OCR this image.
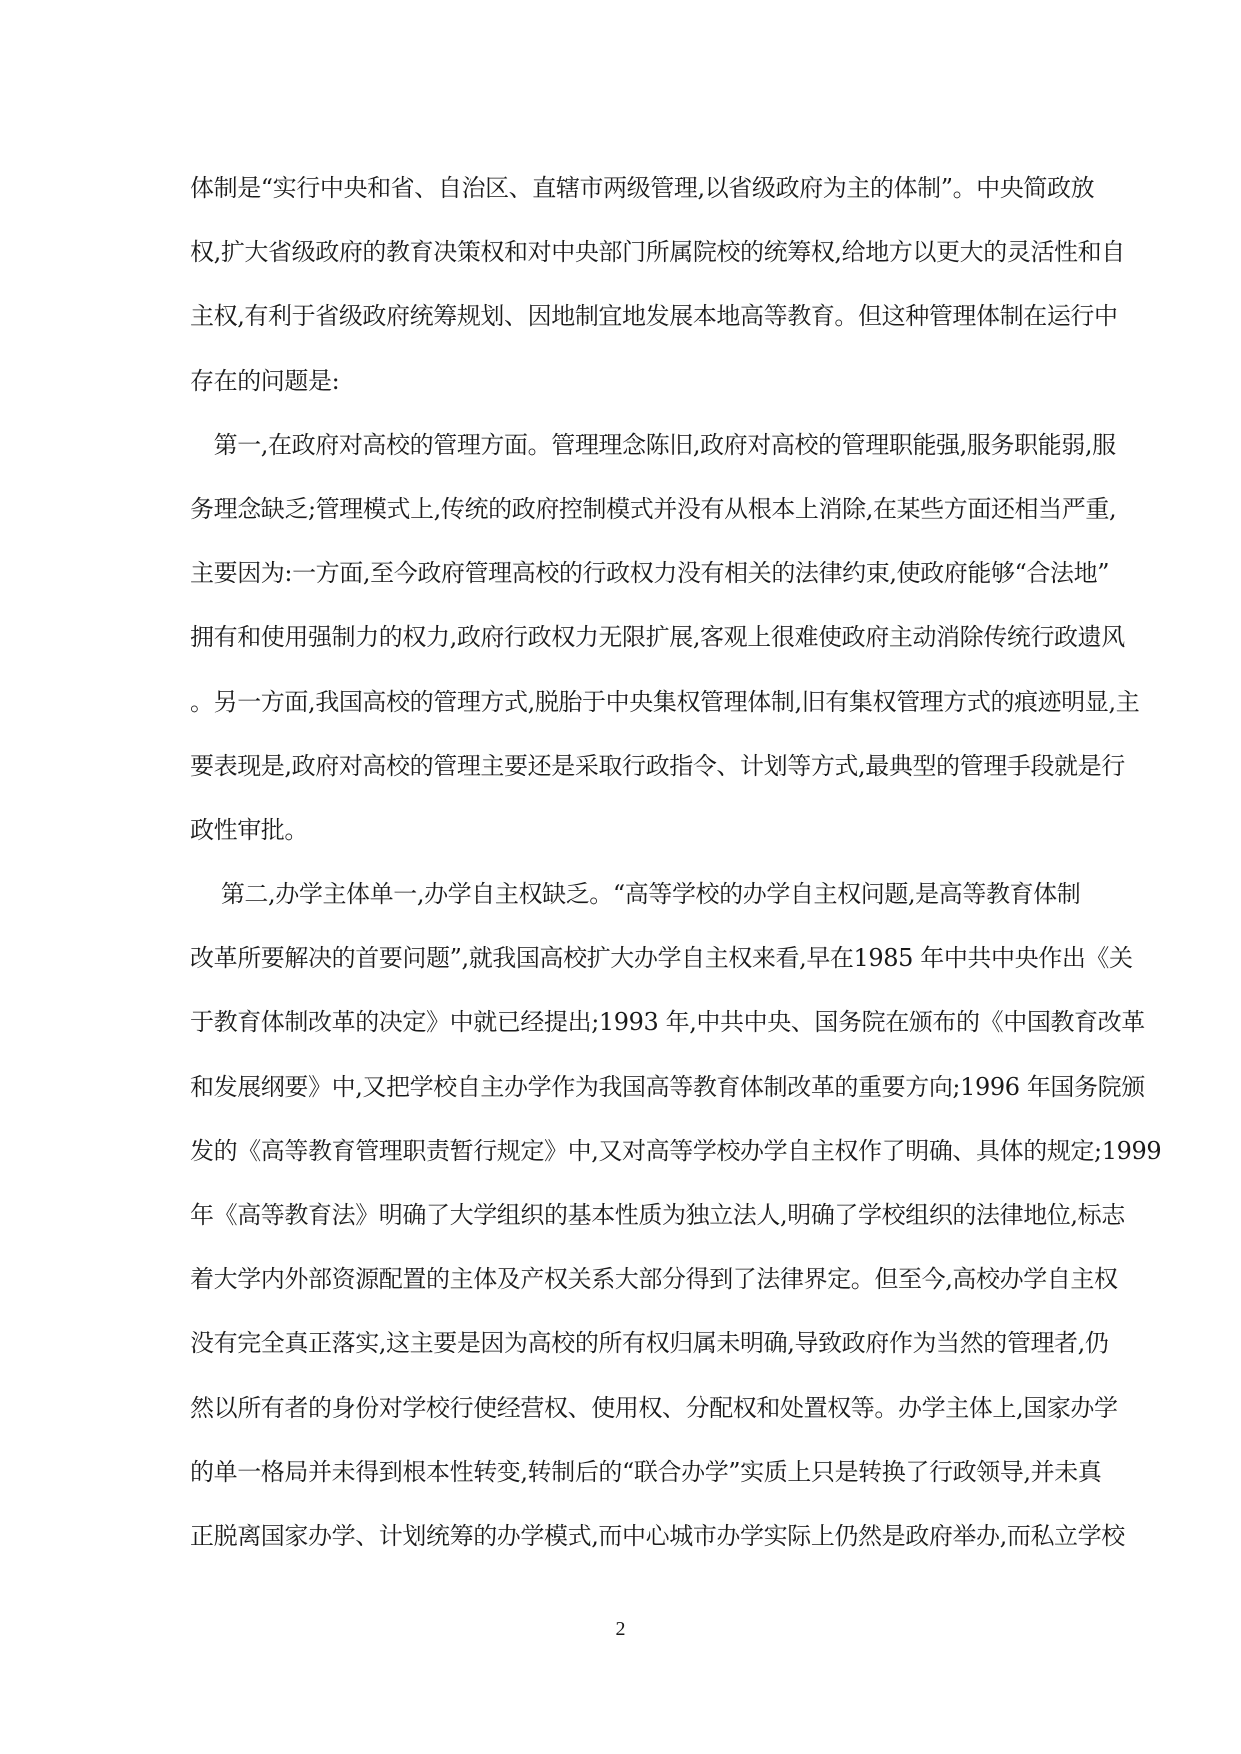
体制是“实行中央和省、自治区、直辖市两级管理,以省级政府为主的体制”。中央简政放
权,扩大省级政府的教育决策权和对中央部门所属院校的统筹权,给地方以更大的灵活性和自
主权,有利于省级政府统筹规划、因地制宜地发展本地高等教育。但这种管理体制在运行中
存在的问题是:
　第一,在政府对高校的管理方面。管理理念陈旧,政府对高校的管理职能强,服务职能弱,服
务理念缺乏;管理模式上,传统的政府控制模式并没有从根本上消除,在某些方面还相当严重,
主要因为:一方面,至今政府管理高校的行政权力没有相关的法律约束,使政府能够“合法地”
拥有和使用强制力的权力,政府行政权力无限扩展,客观上很难使政府主动消除传统行政遗风
。另一方面,我国高校的管理方式,脱胎于中央集权管理体制,旧有集权管理方式的痕迹明显,主
要表现是,政府对高校的管理主要还是采取行政指令、计划等方式,最典型的管理手段就是行
政性审批。
　 第二,办学主体单一,办学自主权缺乏。“高等学校的办学自主权问题,是高等教育体制
改革所要解决的首要问题”,就我国高校扩大办学自主权来看,早在1985 年中共中央作出《关
于教育体制改革的决定》中就已经提出;1993 年,中共中央、国务院在颁布的《中国教育改革
和发展纲要》中,又把学校自主办学作为我国高等教育体制改革的重要方向;1996 年国务院颁
发的《高等教育管理职责暂行规定》中,又对高等学校办学自主权作了明确、具体的规定;1999
年《高等教育法》明确了大学组织的基本性质为独立法人,明确了学校组织的法律地位,标志
着大学内外部资源配置的主体及产权关系大部分得到了法律界定。但至今,高校办学自主权
没有完全真正落实,这主要是因为高校的所有权归属未明确,导致政府作为当然的管理者,仍
然以所有者的身份对学校行使经营权、使用权、分配权和处置权等。办学主体上,国家办学
的单一格局并未得到根本性转变,转制后的“联合办学”实质上只是转换了行政领导,并未真
正脱离国家办学、计划统筹的办学模式,而中心城市办学实际上仍然是政府举办,而私立学校
2
